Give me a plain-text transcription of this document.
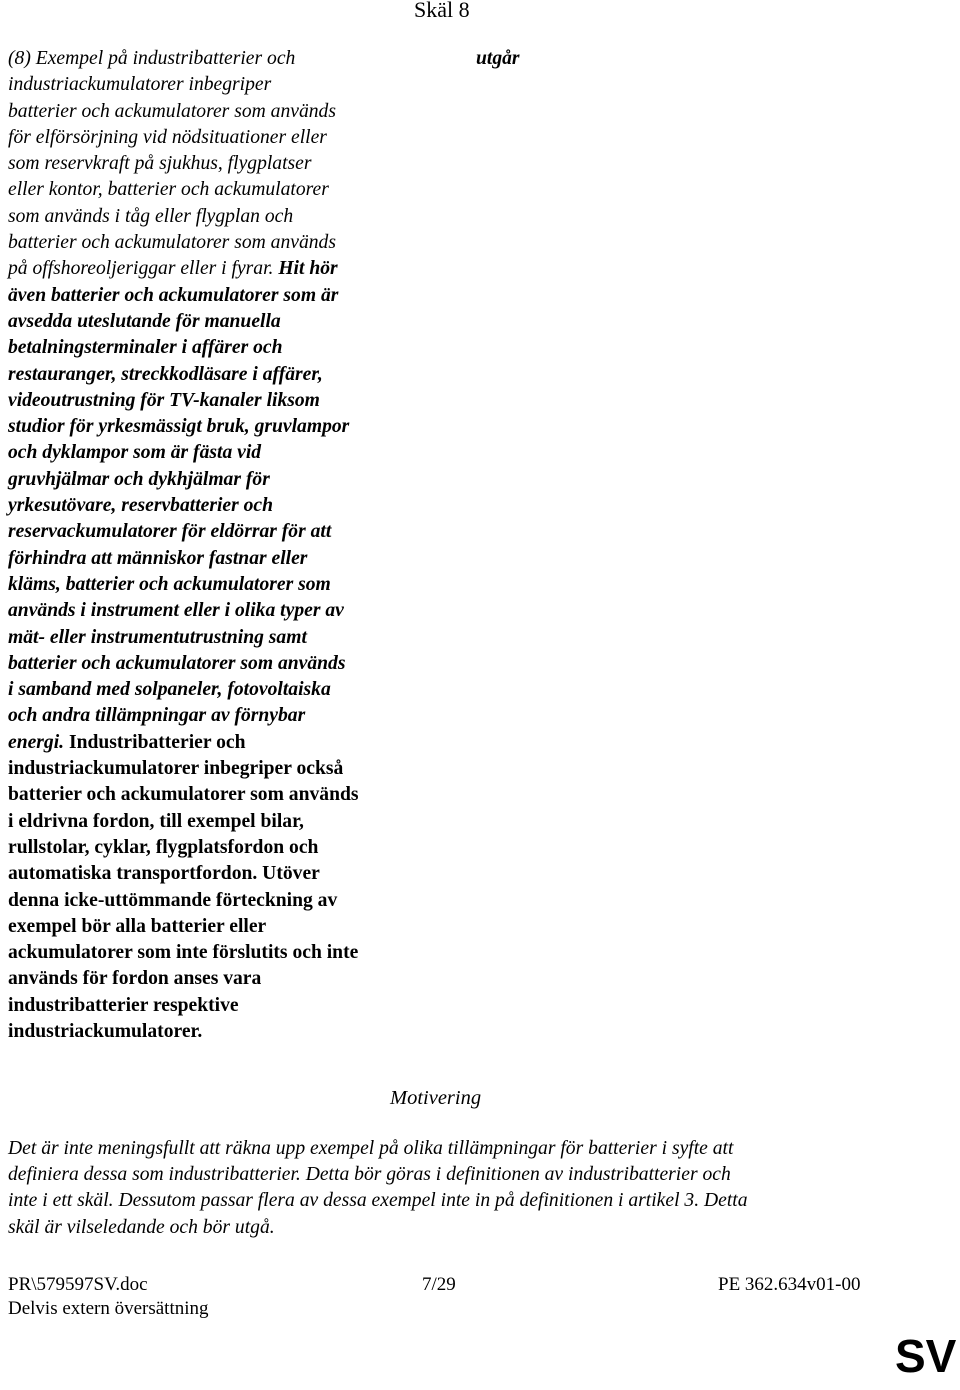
Skäl 8
(8) Exempel på industribatterier och
industriackumulatorer inbegriper
batterier och ackumulatorer som används
för elförsörjning vid nödsituationer eller
som reservkraft på sjukhus, flygplatser
eller kontor, batterier och ackumulatorer
som används i tåg eller flygplan och
batterier och ackumulatorer som används
på offshoreoljeriggar eller i fyrar. Hit hör
även batterier och ackumulatorer som är
avsedda uteslutande för manuella
betalningsterminaler i affärer och
restauranger, streckkodläsare i affärer,
videoutrustning för TV-kanaler liksom
studior för yrkesmässigt bruk, gruvlampor
och dyklampor som är fästa vid
gruvhjälmar och dykhjälmar för
yrkesutövare, reservbatterier och
reservackumulatorer för eldörrar för att
förhindra att människor fastnar eller
kläms, batterier och ackumulatorer som
används i instrument eller i olika typer av
mät- eller instrumentutrustning samt
batterier och ackumulatorer som används
i samband med solpaneler, fotovoltaiska
och andra tillämpningar av förnybar
energi. Industribatterier och
industriackumulatorer inbegriper också
batterier och ackumulatorer som används
i eldrivna fordon, till exempel bilar,
rullstolar, cyklar, flygplatsfordon och
automatiska transportfordon. Utöver
denna icke-uttömmande förteckning av
exempel bör alla batterier eller
ackumulatorer som inte förslutits och inte
används för fordon anses vara
industribatterier respektive
industriackumulatorer.
utgår
Motivering
Det är inte meningsfullt att räkna upp exempel på olika tillämpningar för batterier i syfte att
definiera dessa som industribatterier. Detta bör göras i definitionen av industribatterier och
inte i ett skäl. Dessutom passar flera av dessa exempel inte in på definitionen i artikel 3. Detta
skäl är vilseledande och bör utgå.
PR\579597SV.doc
Delvis extern översättning
7/29	PE 362.634v01-00
SV
